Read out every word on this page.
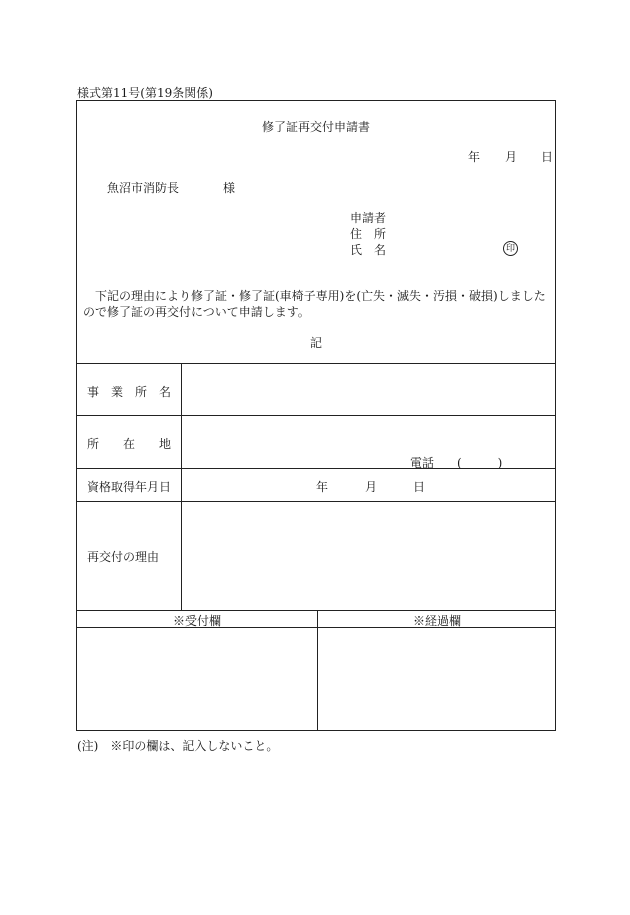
様式第11号(第19条関係)
修了証再交付申請書
年 月 日
魚沼市消防長	様
申請者
住　所
氏　名	印
下記の理由により修了証・修了証(車椅子専用)を(亡失・滅失・汚損・破損)しました
ので修了証の再交付について申請します。
記
事　業　所　名
所　　在　　地
電話 (　　　)
資格取得年月日	年	月	日
再交付の理由
※受付欄	※経過欄
(注)　※印の欄は、記入しないこと。
